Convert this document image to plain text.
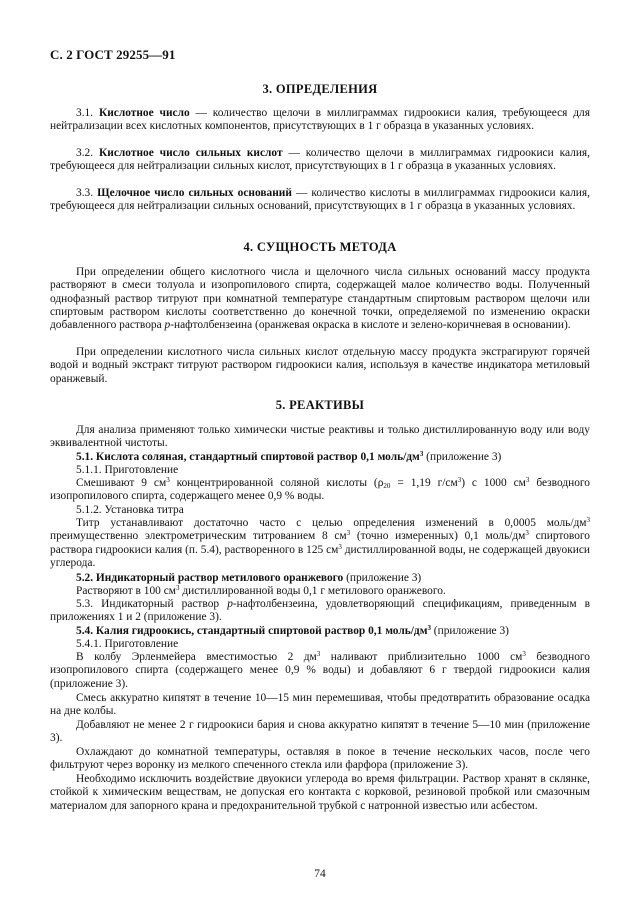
С. 2 ГОСТ 29255—91
3. ОПРЕДЕЛЕНИЯ
3.1. Кислотное число — количество щелочи в миллиграммах гидроокиси калия, требующееся для нейтрализации всех кислотных компонентов, присутствующих в 1 г образца в указанных условиях.
3.2. Кислотное число сильных кислот — количество щелочи в миллиграммах гидроокиси калия, требующееся для нейтрализации сильных кислот, присутствующих в 1 г образца в указанных условиях.
3.3. Щелочное число сильных оснований — количество кислоты в миллиграммах гидроокиси калия, требующееся для нейтрализации сильных оснований, присутствующих в 1 г образца в указанных условиях.
4. СУЩНОСТЬ МЕТОДА
При определении общего кислотного числа и щелочного числа сильных оснований массу продукта растворяют в смеси толуола и изопропилового спирта, содержащей малое количество воды. Полученный однофазный раствор титруют при комнатной температуре стандартным спиртовым раствором щелочи или спиртовым раствором кислоты соответственно до конечной точки, определяемой по изменению окраски добавленного раствора р-нафтолбензеина (оранжевая окраска в кислоте и зелено-коричневая в основании).
При определении кислотного числа сильных кислот отдельную массу продукта экстрагируют горячей водой и водный экстракт титруют раствором гидроокиси калия, используя в качестве индикатора метиловый оранжевый.
5. РЕАКТИВЫ
Для анализа применяют только химически чистые реактивы и только дистиллированную воду или воду эквивалентной чистоты.
5.1. Кислота соляная, стандартный спиртовой раствор 0,1 моль/$дм^3$ (приложение 3)
5.1.1. Приготовление
Смешивают 9 $см^3$ концентрированной соляной кислоты ($\rho_{20} = 1,19$ $г/см^3$) с 1000 $см^3$ безводного изопропилового спирта, содержащего менее 0,9 % воды.
5.1.2. Установка титра
Титр устанавливают достаточно часто с целью определения изменений в 0,0005 моль/$дм^3$ преимущественно электрометрическим титрованием 8 $см^3$ (точно измеренных) 0,1 моль/$дм^3$ спиртового раствора гидроокиси калия (п. 5.4), растворенного в 125 $см^3$ дистиллированной воды, не содержащей двуокиси углерода.
5.2. Индикаторный раствор метилового оранжевого (приложение 3)
Растворяют в 100 $см^3$ дистиллированной воды 0,1 г метилового оранжевого.
5.3. Индикаторный раствор р-нафтолбензеина, удовлетворяющий спецификациям, приведенным в приложениях 1 и 2 (приложение 3).
5.4. Калия гидроокись, стандартный спиртовой раствор 0,1 моль/$дм^3$ (приложение 3)
5.4.1. Приготовление
В колбу Эрленмейера вместимостью 2 $дм^3$ наливают приблизительно 1000 $см^3$ безводного изопропилового спирта (содержащего менее 0,9 % воды) и добавляют 6 г твердой гидроокиси калия (приложение 3).
Смесь аккуратно кипятят в течение 10—15 мин перемешивая, чтобы предотвратить образование осадка на дне колбы.
Добавляют не менее 2 г гидроокиси бария и снова аккуратно кипятят в течение 5—10 мин (приложение 3).
Охлаждают до комнатной температуры, оставляя в покое в течение нескольких часов, после чего фильтруют через воронку из мелкого спеченного стекла или фарфора (приложение 3).
Необходимо исключить воздействие двуокиси углерода во время фильтрации. Раствор хранят в склянке, стойкой к химическим веществам, не допуская его контакта с корковой, резиновой пробкой или смазочным материалом для запорного крана и предохранительной трубкой с натронной известью или асбестом.
74
